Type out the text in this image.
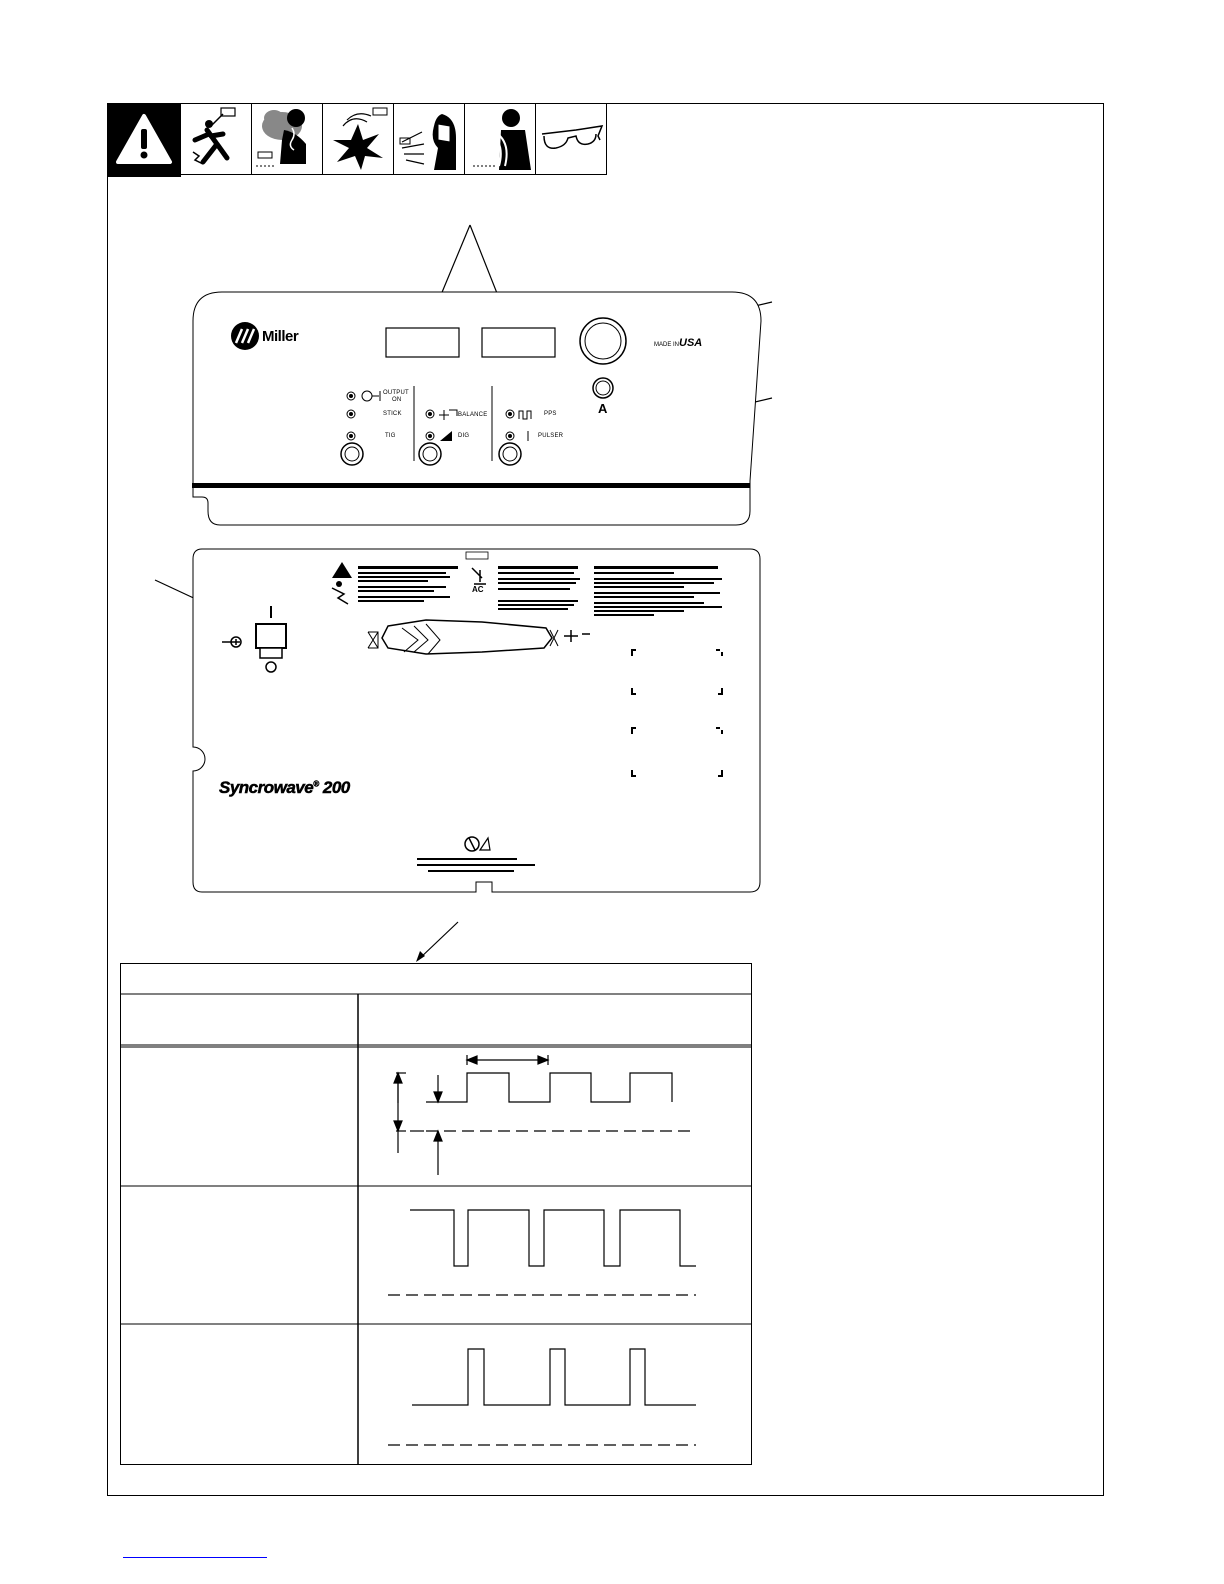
Miller
MADE IN USA
A
OUTPUT
ON
STICK
TIG
BALANCE
DIG
PPS
PULSER
AC
Syncrowave® 200
